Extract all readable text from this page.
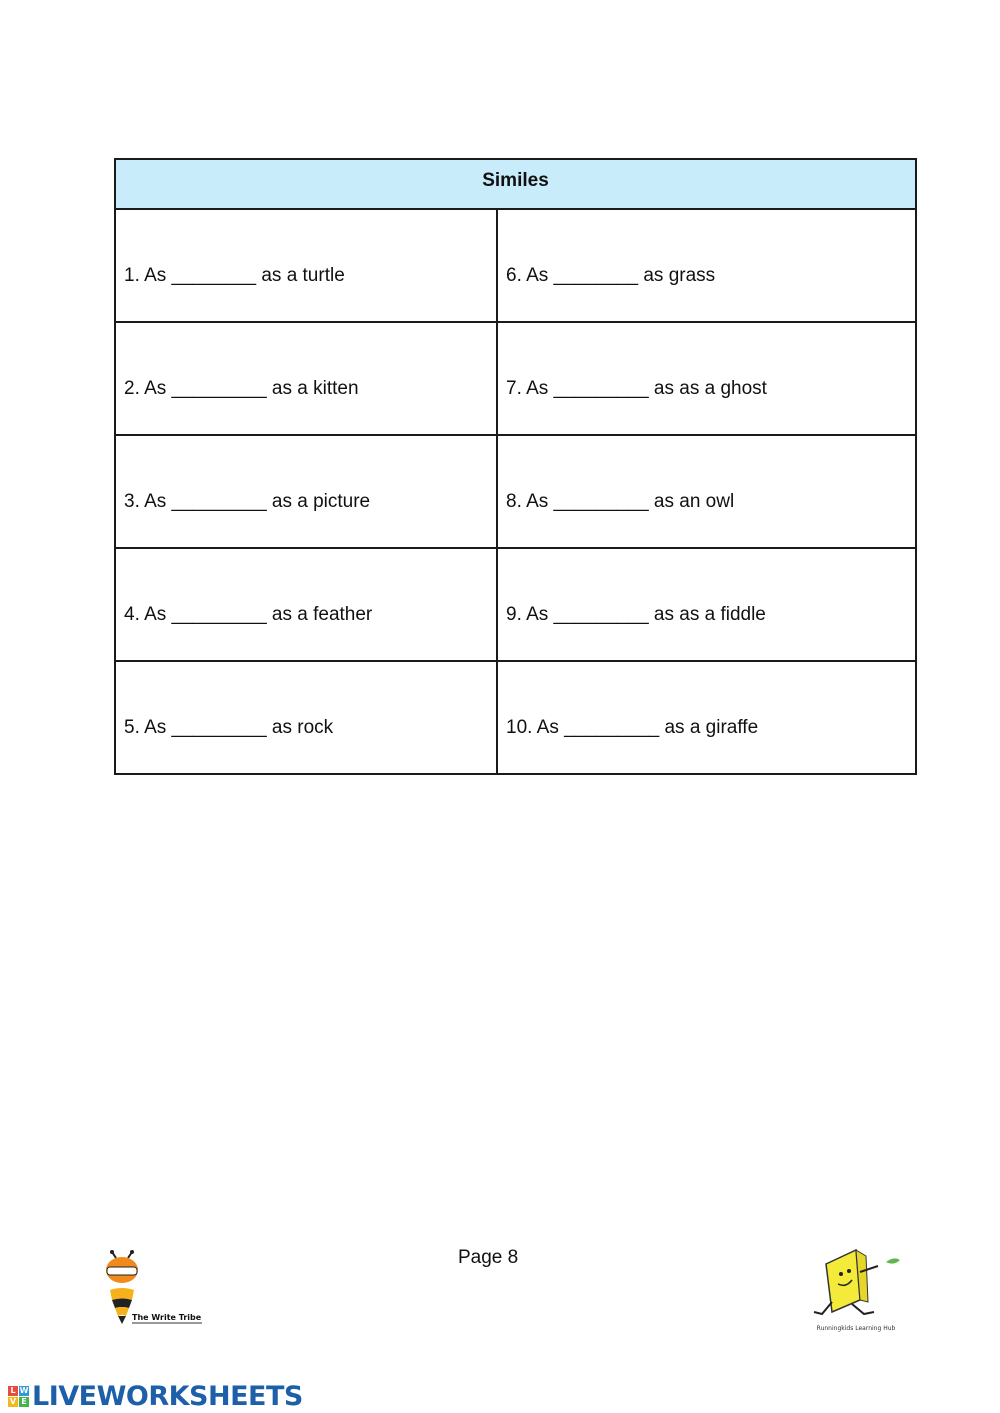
Similes	
1. As ________ as a turtle	6. As ________ as grass
2. As _________ as a kitten	7. As _________ as as a ghost
3. As _________ as a picture	8. As _________ as an owl
4. As _________ as a feather	9. As _________ as as a fiddle
5. As _________ as rock	10. As _________ as a giraffe
Page 8
The Write Tribe
Runningkids Learning Hub
L W
V E LIVEWORKSHEETS
